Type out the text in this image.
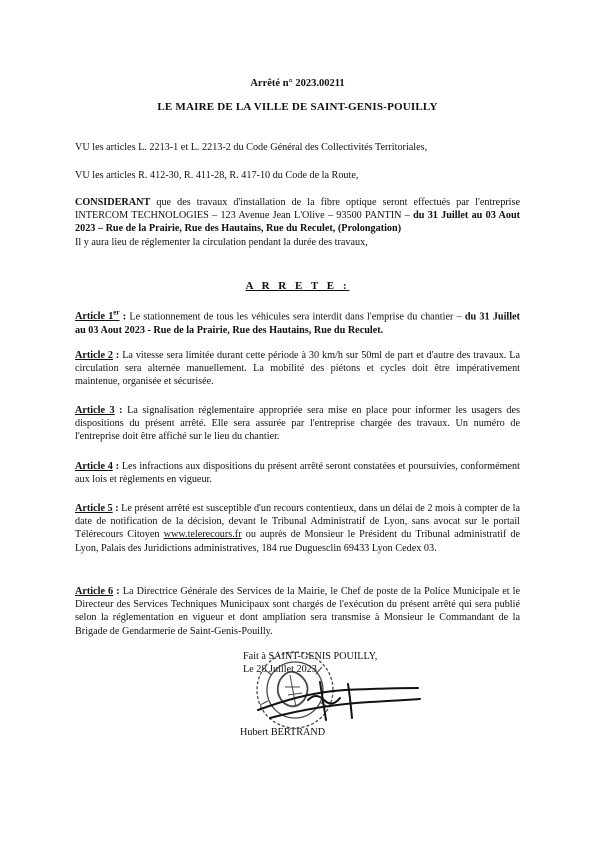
Arrêté n° 2023.00211
LE MAIRE DE LA VILLE DE SAINT-GENIS-POUILLY

VU les articles L. 2213-1 et L. 2213-2 du Code Général des Collectivités Territoriales,

VU les articles R. 412-30, R. 411-28, R. 417-10 du Code de la Route,

CONSIDERANT que des travaux d'installation de la fibre optique seront effectués par l'entreprise INTERCOM TECHNOLOGIES – 123 Avenue Jean L'Olive – 93500 PANTIN – du 31 Juillet au 03 Aout 2023 – Rue de la Prairie, Rue des Hautains, Rue du Reculet, (Prolongation)

Il y aura lieu de réglementer la circulation pendant la durée des travaux,

A R R E T E :

Article 1er : Le stationnement de tous les véhicules sera interdit dans l'emprise du chantier – du 31 Juillet au 03 Aout 2023 - Rue de la Prairie, Rue des Hautains, Rue du Reculet.

Article 2 : La vitesse sera limitée durant cette période à 30 km/h sur 50ml de part et d'autre des travaux. La circulation sera alternée manuellement. La mobilité des piétons et cycles doit être impérativement maintenue, organisée et sécurisée.

Article 3 : La signalisation réglementaire appropriée sera mise en place pour informer les usagers des dispositions du présent arrêté. Elle sera assurée par l'entreprise chargée des travaux. Un numéro de l'entreprise doit être affiché sur le lieu du chantier.

Article 4 : Les infractions aux dispositions du présent arrêté seront constatées et poursuivies, conformément aux lois et règlements en vigueur.

Article 5 : Le présent arrêté est susceptible d'un recours contentieux, dans un délai de 2 mois à compter de la date de notification de la décision, devant le Tribunal Administratif de Lyon, sans avocat sur le portail Télérecours Citoyen www.telerecours.fr ou auprès de Monsieur le Président du Tribunal administratif de Lyon, Palais des Juridictions administratives, 184 rue Duguesclin 69433 Lyon Cedex 03.

Article 6 : La Directrice Générale des Services de la Mairie, le Chef de poste de la Police Municipale et le Directeur des Services Techniques Municipaux sont chargés de l'exécution du présent arrêté qui sera publié selon la réglementation en vigueur et dont ampliation sera transmise à Monsieur le Commandant de la Brigade de Gendarmerie de Saint-Genis-Pouilly.

Fait à SAINT-GENIS POUILLY,
Le 28 Juillet 2023
Hubert BERTRAND
